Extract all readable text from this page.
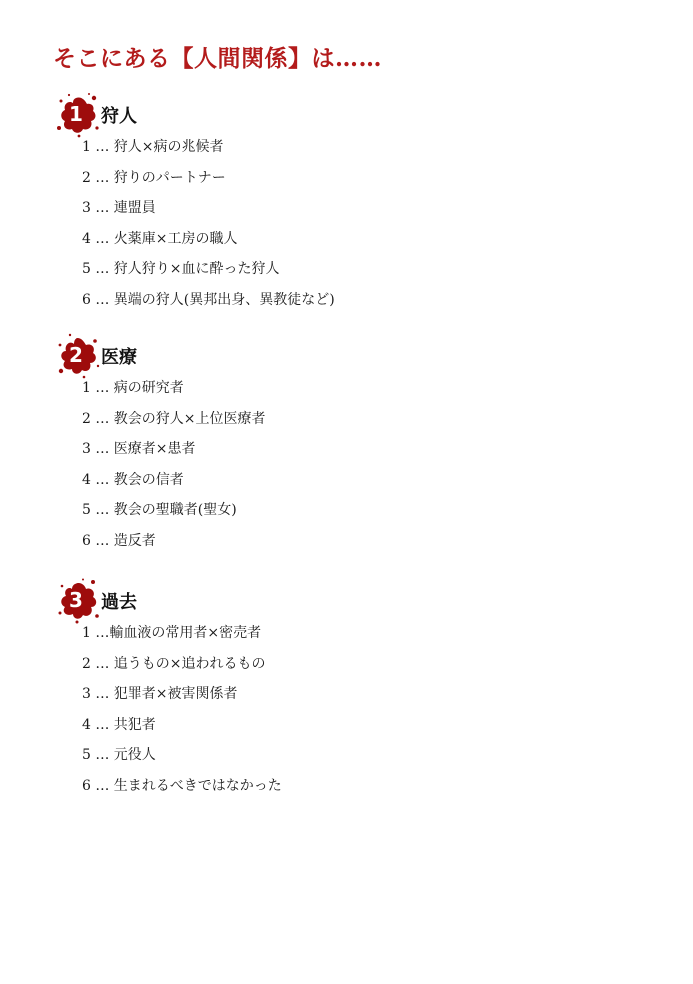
そこにある【人間関係】は……
1 狩人
1 … 狩人×病の兆候者
2 … 狩りのパートナー
3 … 連盟員
4 … 火薬庫×工房の職人
5 … 狩人狩り×血に酔った狩人
6 … 異端の狩人(異邦出身、異教徒など)
2 医療
1 … 病の研究者
2 … 教会の狩人×上位医療者
3 … 医療者×患者
4 … 教会の信者
5 … 教会の聖職者(聖女)
6 … 造反者
3 過去
1 …輸血液の常用者×密売者
2 … 追うもの×追われるもの
3 … 犯罪者×被害関係者
4 … 共犯者
5 … 元役人
6 … 生まれるべきではなかった
